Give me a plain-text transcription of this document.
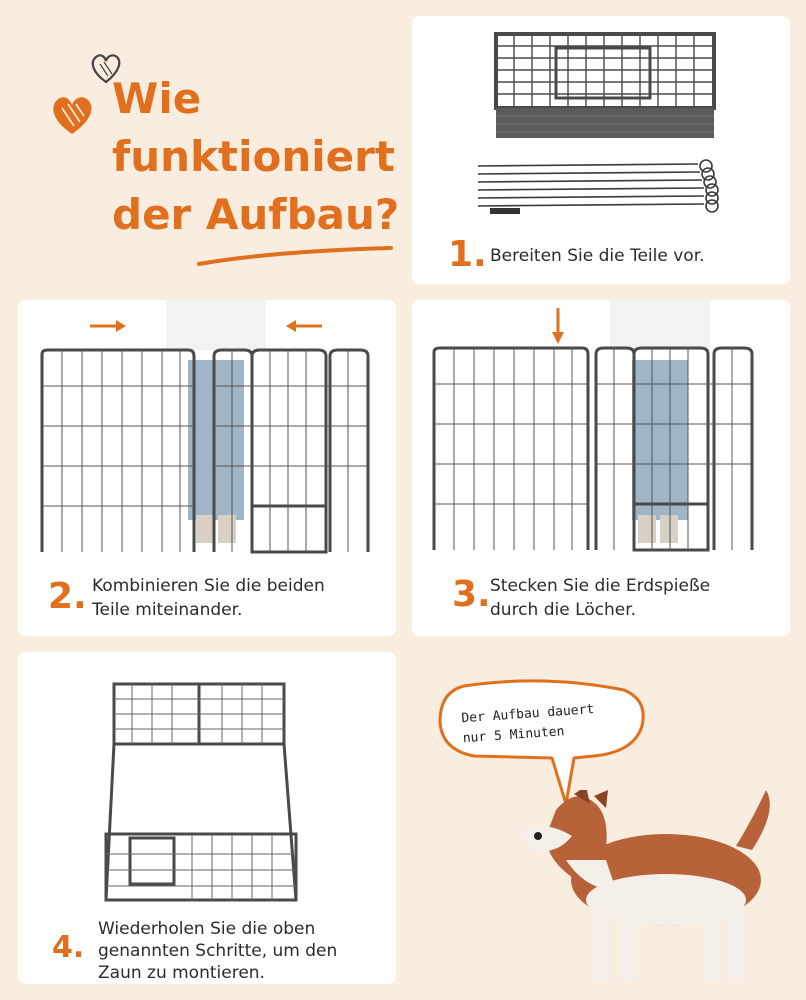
Wie
funktioniert
der Aufbau?
1. Bereiten Sie die Teile vor.
2. Kombinieren Sie die beiden
Teile miteinander.	3. Stecken Sie die Erdspieße
durch die Löcher.
4.
Wiederholen Sie die oben
genannten Schritte, um den
Zaun zu montieren.
Der Aufbau dauert
nur 5 Minuten
